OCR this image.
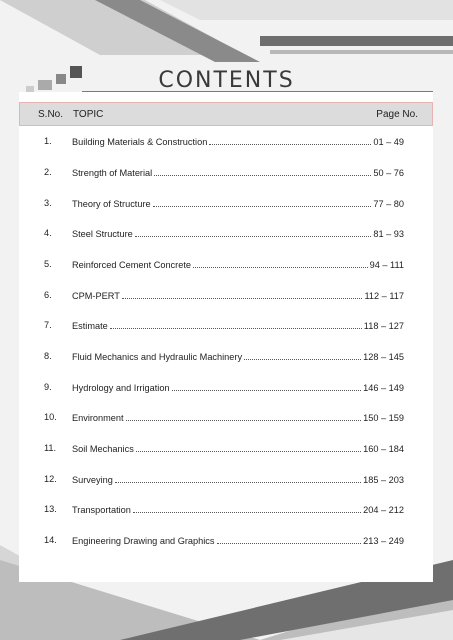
CONTENTS
S.No. TOPIC	Page No.
1. Building Materials & Construction	01 – 49
2. Strength of Material	50 – 76
3. Theory of Structure	77 – 80
4. Steel Structure	81 – 93
5. Reinforced Cement Concrete	94 – 111
6. CPM-PERT	112 – 117
7. Estimate	118 – 127
8. Fluid Mechanics and Hydraulic Machinery	128 – 145
9. Hydrology and Irrigation	146 – 149
10. Environment	150 – 159
11. Soil Mechanics	160 – 184
12. Surveying	185 – 203
13. Transportation	204 – 212
14. Engineering Drawing and Graphics	213 – 249
